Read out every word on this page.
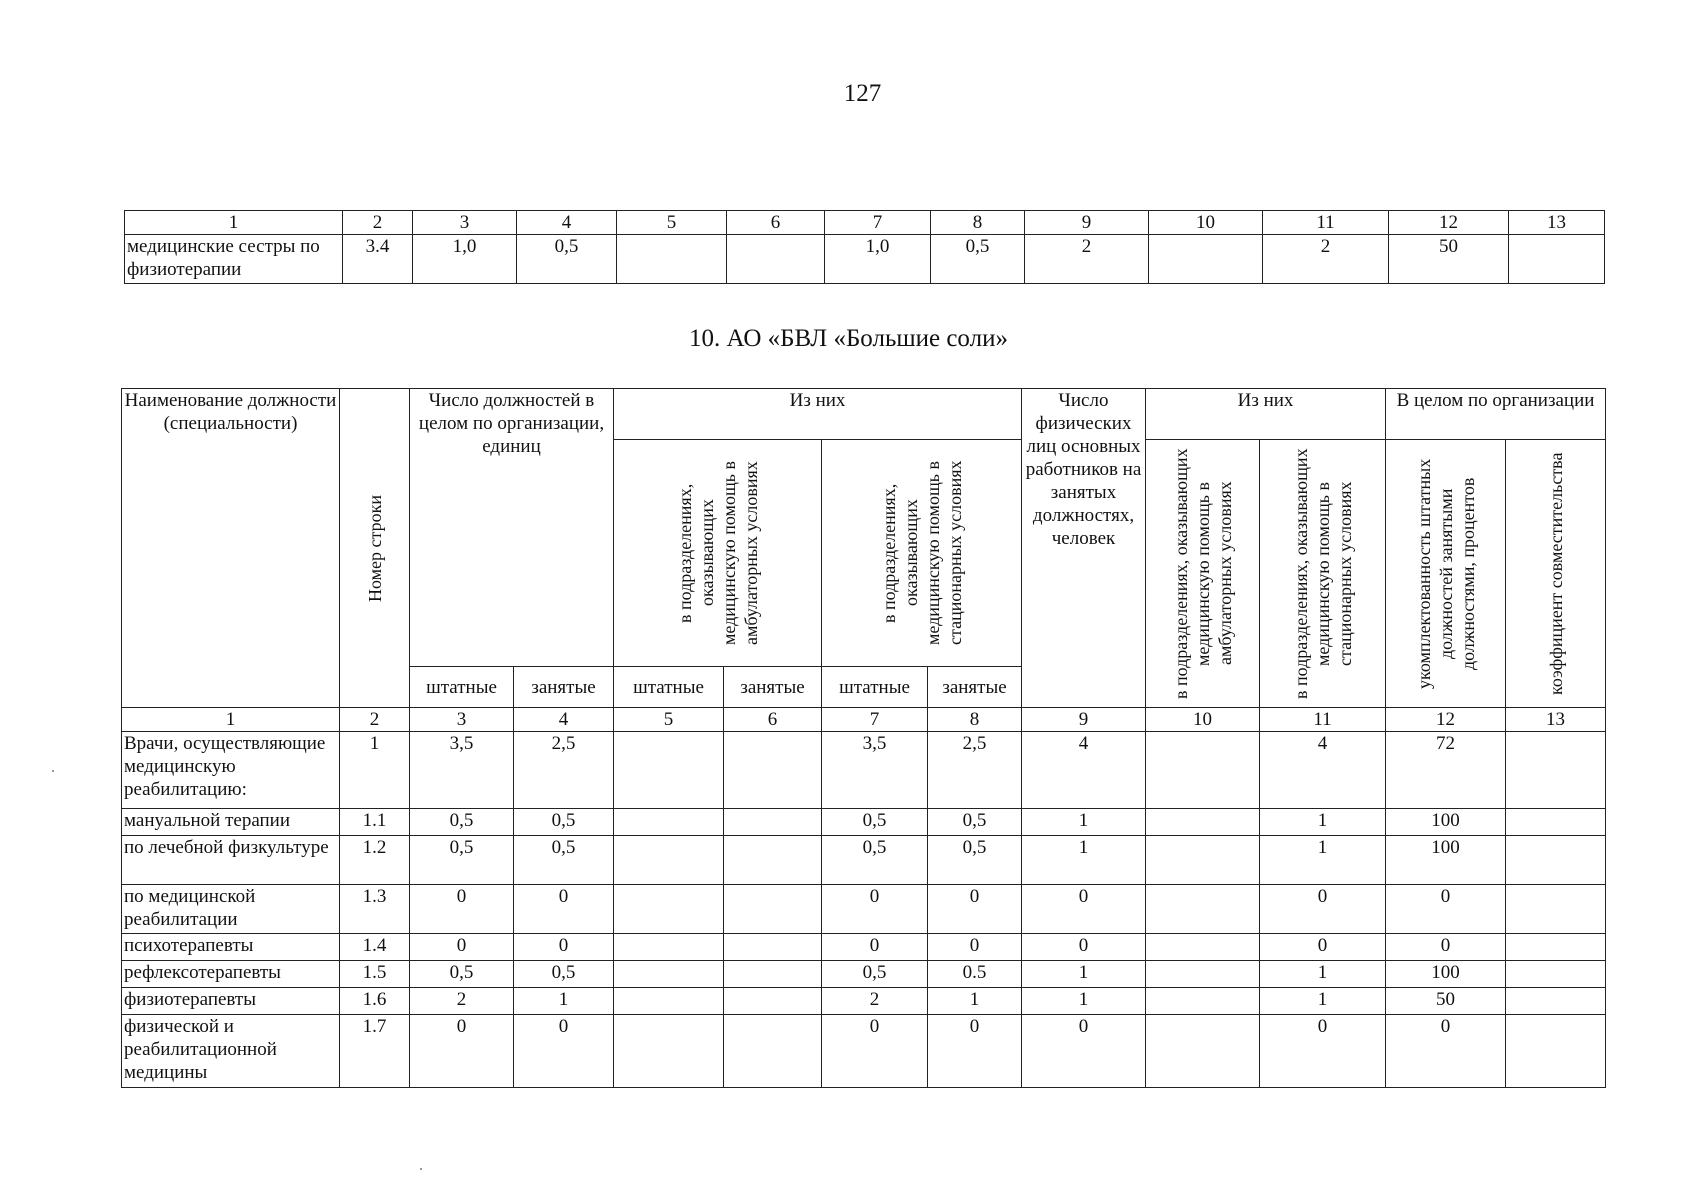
127
1	2	3	4	5	6	7	8	9	10	11	12	13
медицинские сестры по физиотерапии	3.4	1,0	0,5			1,0	0,5	2		2	50	
10. АО «БВЛ «Большие соли»
Наименование должности (специальности)	Номер строки	Число должностей в целом по организации, единиц		Из них				Число физических лиц основных работников на занятых должностях, человек	Из них		В целом по организации	

				в подразделениях, оказывающих медицинскую помощь в амбулаторных условиях		в подразделениях, оказывающих медицинскую помощь в стационарных условиях			в подразделениях, оказывающих медицинскую помощь в амбулаторных условиях	в подразделениях, оказывающих медицинскую помощь в стационарных условиях	укомплектованность штатных должностей занятыми должностями, процентов	коэффициент совместительства

		штатные	занятые	штатные	занятые	штатные	занятые					
1	2	3	4	5	6	7	8	9	10	11	12	13
Врачи, осуществляющие медицинскую реабилитацию:	1	3,5	2,5			3,5	2,5	4		4	72	
мануальной терапии	1.1	0,5	0,5			0,5	0,5	1		1	100	
по лечебной физкультуре	1.2	0,5	0,5			0,5	0,5	1		1	100	
по медицинской реабилитации	1.3	0	0			0	0	0		0	0	
психотерапевты	1.4	0	0			0	0	0		0	0	
рефлексотерапевты	1.5	0,5	0,5			0,5	0.5	1		1	100	
физиотерапевты	1.6	2	1			2	1	1		1	50	
физической и реабилитационной медицины	1.7	0	0			0	0	0		0	0	
